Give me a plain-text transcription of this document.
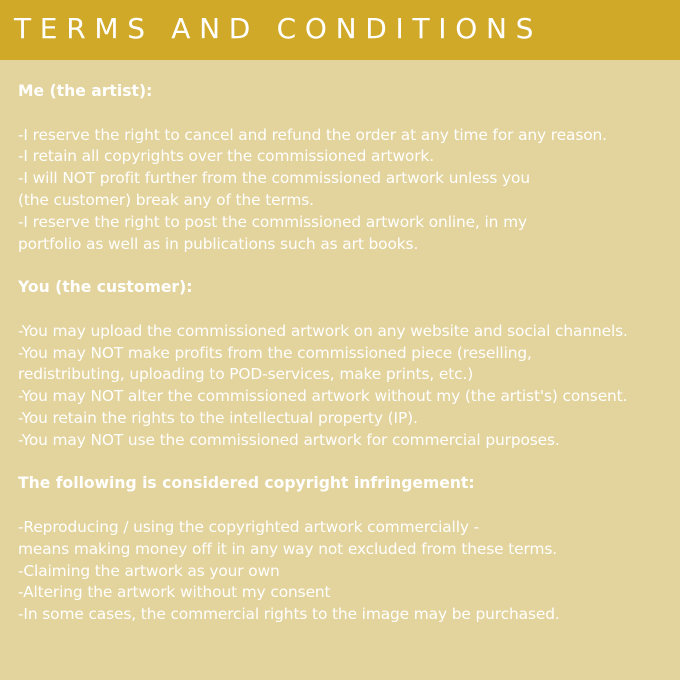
TERMS AND CONDITIONS
Me (the artist):
-I reserve the right to cancel and refund the order at any time for any reason.
-I retain all copyrights over the commissioned artwork.
-I will NOT profit further from the commissioned artwork unless you
(the customer) break any of the terms.
-I reserve the right to post the commissioned artwork online, in my
portfolio as well as in publications such as art books.
You (the customer):
-You may upload the commissioned artwork on any website and social channels.
-You may NOT make profits from the commissioned piece (reselling,
redistributing, uploading to POD-services, make prints, etc.)
-You may NOT alter the commissioned artwork without my (the artist's) consent.
-You retain the rights to the intellectual property (IP).
-You may NOT use the commissioned artwork for commercial purposes.
The following is considered copyright infringement:
-Reproducing / using the copyrighted artwork commercially -
means making money off it in any way not excluded from these terms.
-Claiming the artwork as your own
-Altering the artwork without my consent
-In some cases, the commercial rights to the image may be purchased.
